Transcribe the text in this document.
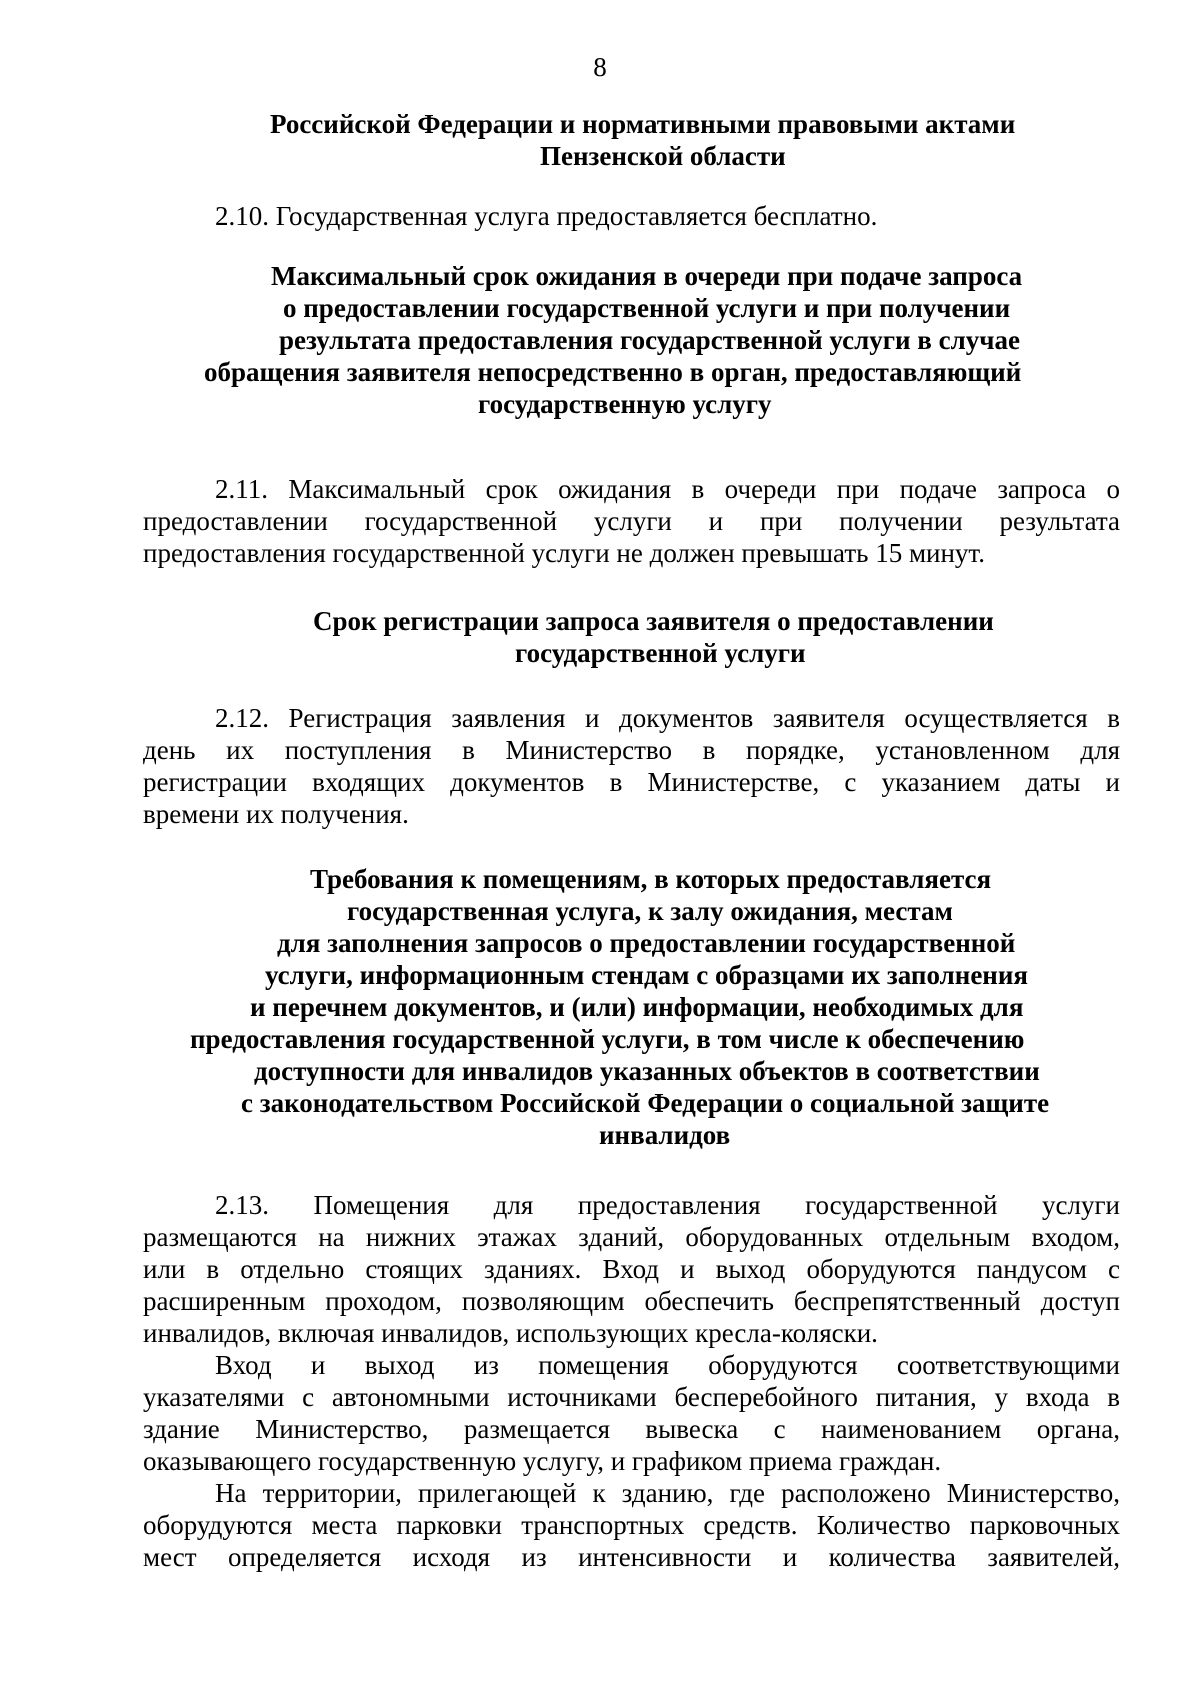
8
Российской Федерации и нормативными правовыми актами
Пензенской области
2.10. Государственная услуга предоставляется бесплатно.
Максимальный срок ожидания в очереди при подаче запроса
о предоставлении государственной услуги и при получении
результата предоставления государственной услуги в случае
обращения заявителя непосредственно в орган, предоставляющий
государственную услугу
2.11. Максимальный срок ожидания в очереди при подаче запроса о
предоставлении государственной услуги и при получении результата
предоставления государственной услуги не должен превышать 15 минут.
Срок регистрации запроса заявителя о предоставлении
государственной услуги
2.12. Регистрация заявления и документов заявителя осуществляется в
день их поступления в Министерство в порядке, установленном для
регистрации входящих документов в Министерстве, с указанием даты и
времени их получения.
Требования к помещениям, в которых предоставляется
государственная услуга, к залу ожидания, местам
для заполнения запросов о предоставлении государственной
услуги, информационным стендам с образцами их заполнения
и перечнем документов, и (или) информации, необходимых для
предоставления государственной услуги, в том числе к обеспечению
доступности для инвалидов указанных объектов в соответствии
с законодательством Российской Федерации о социальной защите
инвалидов
2.13. Помещения для предоставления государственной услуги
размещаются на нижних этажах зданий, оборудованных отдельным входом,
или в отдельно стоящих зданиях. Вход и выход оборудуются пандусом с
расширенным проходом, позволяющим обеспечить беспрепятственный доступ
инвалидов, включая инвалидов, использующих кресла-коляски.
Вход и выход из помещения оборудуются соответствующими
указателями с автономными источниками бесперебойного питания, у входа в
здание Министерство, размещается вывеска с наименованием органа,
оказывающего государственную услугу, и графиком приема граждан.
На территории, прилегающей к зданию, где расположено Министерство,
оборудуются места парковки транспортных средств. Количество парковочных
мест определяется исходя из интенсивности и количества заявителей,
